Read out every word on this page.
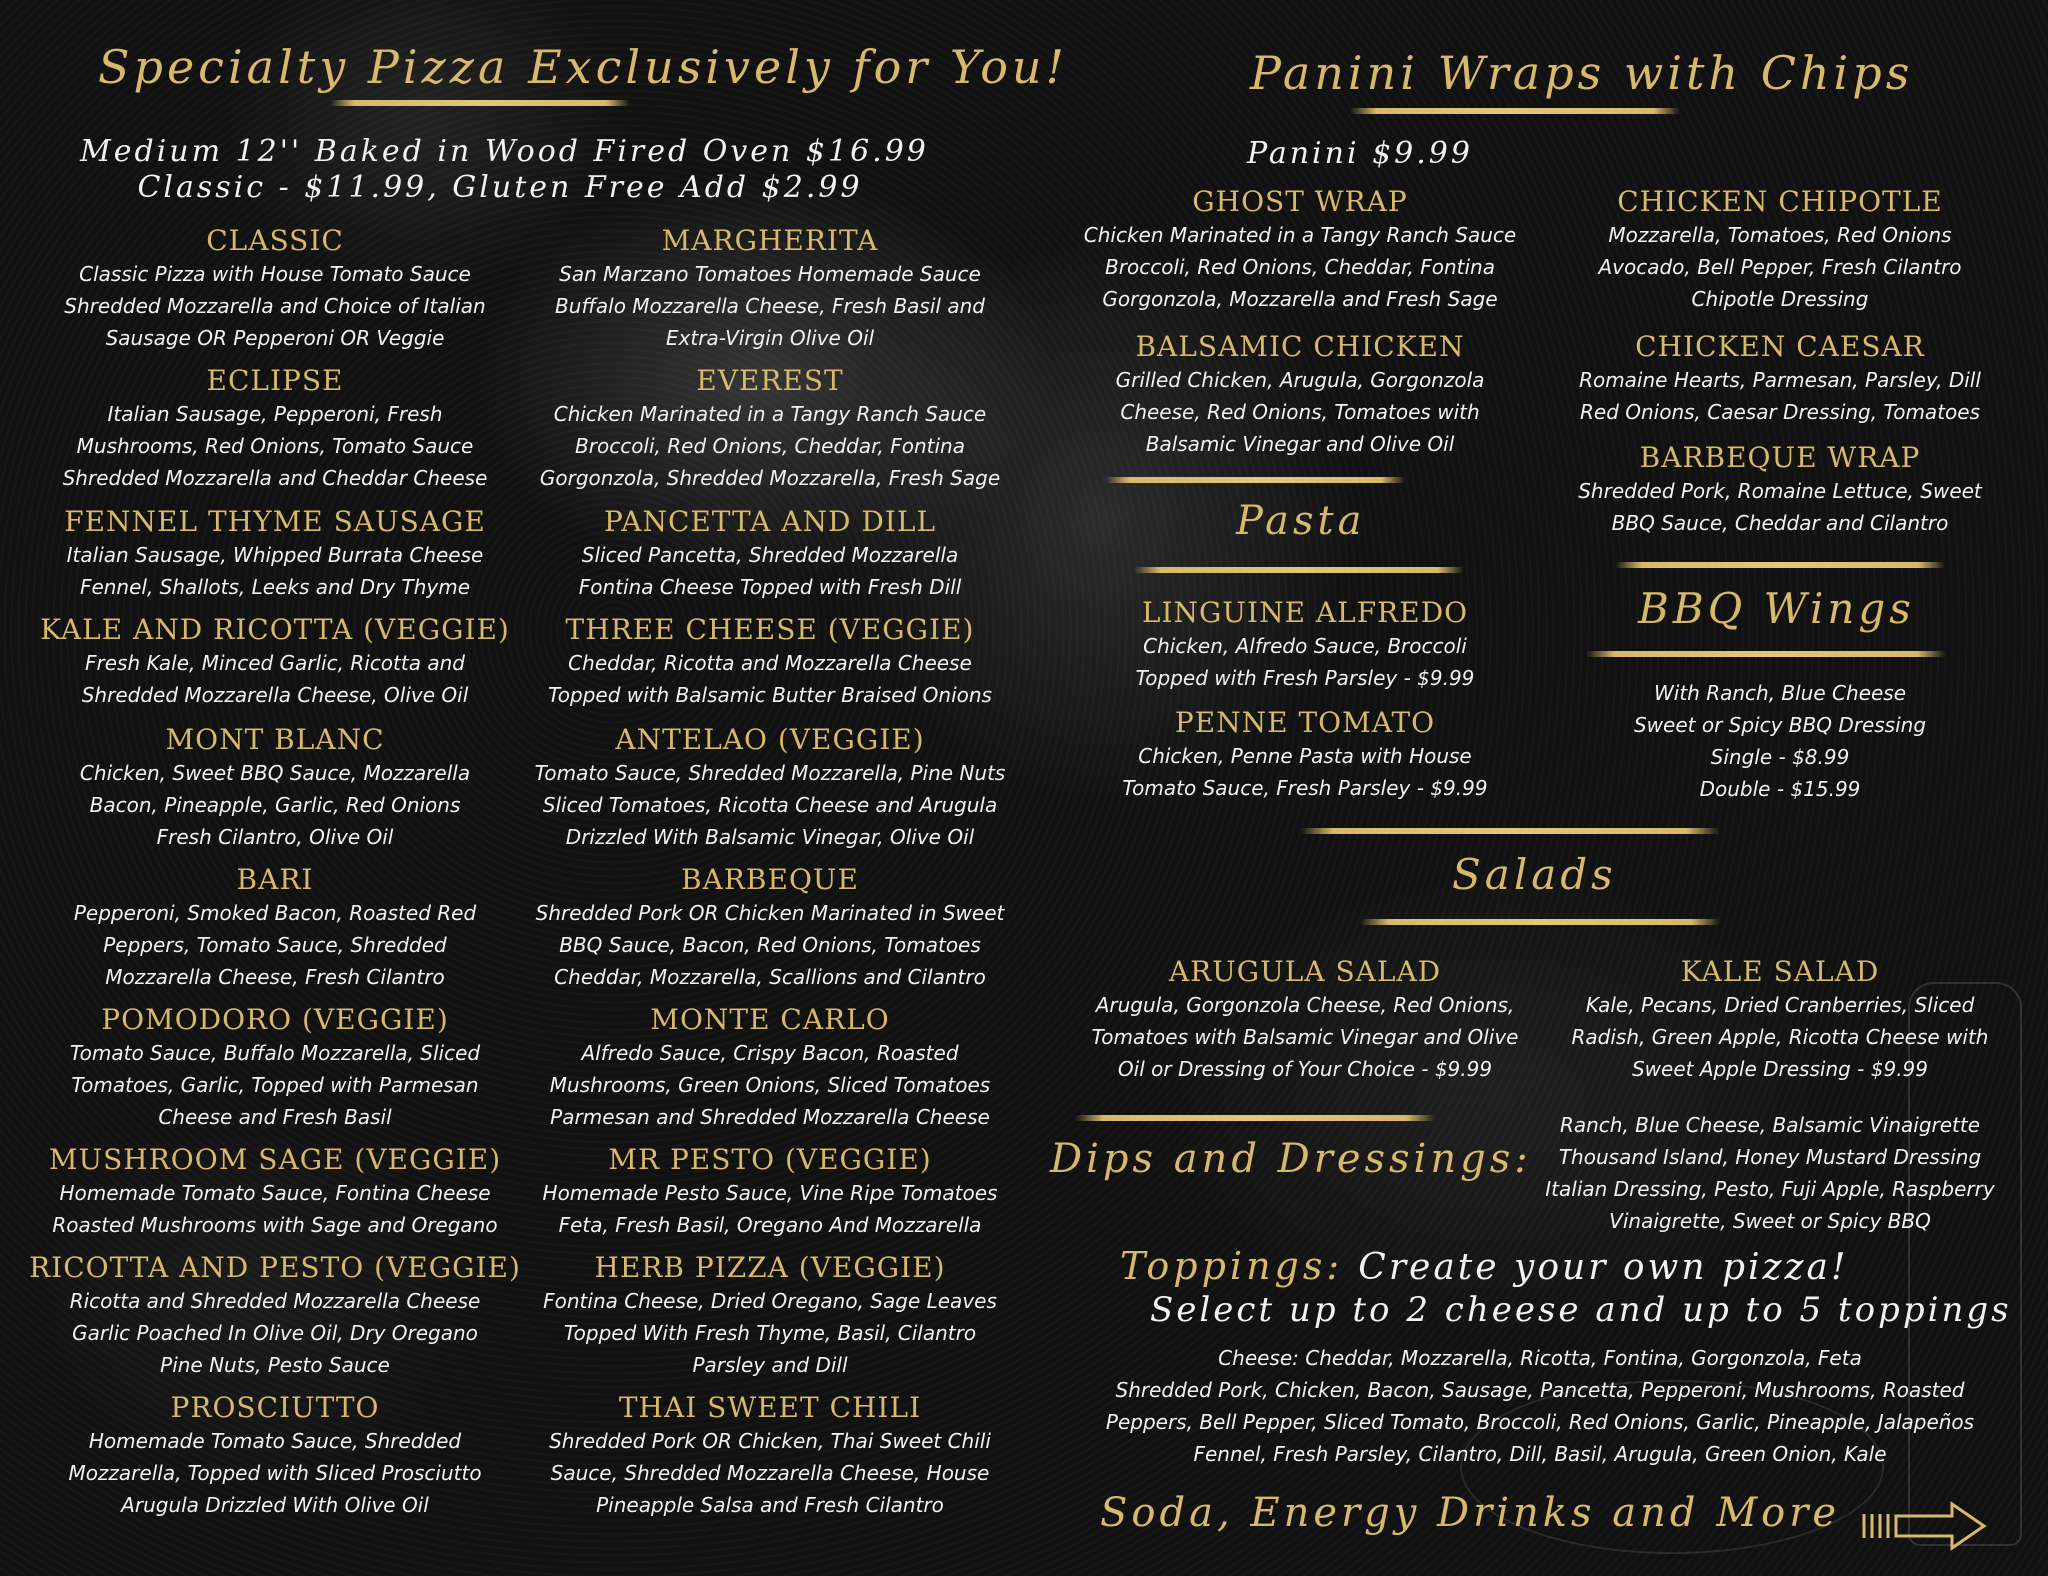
Specialty Pizza Exclusively for You!
Medium 12'' Baked in Wood Fired Oven $16.99
Classic - $11.99, Gluten Free Add $2.99
CLASSIC
Classic Pizza with House Tomato Sauce
Shredded Mozzarella and Choice of Italian
Sausage OR Pepperoni OR Veggie
ECLIPSE
Italian Sausage, Pepperoni, Fresh
Mushrooms, Red Onions, Tomato Sauce
Shredded Mozzarella and Cheddar Cheese
FENNEL THYME SAUSAGE
Italian Sausage, Whipped Burrata Cheese
Fennel, Shallots, Leeks and Dry Thyme
KALE AND RICOTTA (VEGGIE)
Fresh Kale, Minced Garlic, Ricotta and
Shredded Mozzarella Cheese, Olive Oil
MONT BLANC
Chicken, Sweet BBQ Sauce, Mozzarella
Bacon, Pineapple, Garlic, Red Onions
Fresh Cilantro, Olive Oil
BARI
Pepperoni, Smoked Bacon, Roasted Red
Peppers, Tomato Sauce, Shredded
Mozzarella Cheese, Fresh Cilantro
POMODORO (VEGGIE)
Tomato Sauce, Buffalo Mozzarella, Sliced
Tomatoes, Garlic, Topped with Parmesan
Cheese and Fresh Basil
MUSHROOM SAGE (VEGGIE)
Homemade Tomato Sauce, Fontina Cheese
Roasted Mushrooms with Sage and Oregano
RICOTTA AND PESTO (VEGGIE)
Ricotta and Shredded Mozzarella Cheese
Garlic Poached In Olive Oil, Dry Oregano
Pine Nuts, Pesto Sauce
PROSCIUTTO
Homemade Tomato Sauce, Shredded
Mozzarella, Topped with Sliced Prosciutto
Arugula Drizzled With Olive Oil
MARGHERITA
San Marzano Tomatoes Homemade Sauce
Buffalo Mozzarella Cheese, Fresh Basil and
Extra-Virgin Olive Oil
EVEREST
Chicken Marinated in a Tangy Ranch Sauce
Broccoli, Red Onions, Cheddar, Fontina
Gorgonzola, Shredded Mozzarella, Fresh Sage
PANCETTA AND DILL
Sliced Pancetta, Shredded Mozzarella
Fontina Cheese Topped with Fresh Dill
THREE CHEESE (VEGGIE)
Cheddar, Ricotta and Mozzarella Cheese
Topped with Balsamic Butter Braised Onions
ANTELAO (VEGGIE)
Tomato Sauce, Shredded Mozzarella, Pine Nuts
Sliced Tomatoes, Ricotta Cheese and Arugula
Drizzled With Balsamic Vinegar, Olive Oil
BARBEQUE
Shredded Pork OR Chicken Marinated in Sweet
BBQ Sauce, Bacon, Red Onions, Tomatoes
Cheddar, Mozzarella, Scallions and Cilantro
MONTE CARLO
Alfredo Sauce, Crispy Bacon, Roasted
Mushrooms, Green Onions, Sliced Tomatoes
Parmesan and Shredded Mozzarella Cheese
MR PESTO (VEGGIE)
Homemade Pesto Sauce, Vine Ripe Tomatoes
Feta, Fresh Basil, Oregano And Mozzarella
HERB PIZZA (VEGGIE)
Fontina Cheese, Dried Oregano, Sage Leaves
Topped With Fresh Thyme, Basil, Cilantro
Parsley and Dill
THAI SWEET CHILI
Shredded Pork OR Chicken, Thai Sweet Chili
Sauce, Shredded Mozzarella Cheese, House
Pineapple Salsa and Fresh Cilantro
Panini Wraps with Chips
Panini $9.99
GHOST WRAP
Chicken Marinated in a Tangy Ranch Sauce
Broccoli, Red Onions, Cheddar, Fontina
Gorgonzola, Mozzarella and Fresh Sage
CHICKEN CHIPOTLE
Mozzarella, Tomatoes, Red Onions
Avocado, Bell Pepper, Fresh Cilantro
Chipotle Dressing
BALSAMIC CHICKEN
Grilled Chicken, Arugula, Gorgonzola
Cheese, Red Onions, Tomatoes with
Balsamic Vinegar and Olive Oil
CHICKEN CAESAR
Romaine Hearts, Parmesan, Parsley, Dill
Red Onions, Caesar Dressing, Tomatoes
BARBEQUE WRAP
Shredded Pork, Romaine Lettuce, Sweet
BBQ Sauce, Cheddar and Cilantro
Pasta
LINGUINE ALFREDO
Chicken, Alfredo Sauce, Broccoli
Topped with Fresh Parsley - $9.99
PENNE TOMATO
Chicken, Penne Pasta with House
Tomato Sauce, Fresh Parsley - $9.99
BBQ Wings
With Ranch, Blue Cheese
Sweet or Spicy BBQ Dressing
Single - $8.99
Double - $15.99
Salads
ARUGULA SALAD
Arugula, Gorgonzola Cheese, Red Onions,
Tomatoes with Balsamic Vinegar and Olive
Oil or Dressing of Your Choice - $9.99
KALE SALAD
Kale, Pecans, Dried Cranberries, Sliced
Radish, Green Apple, Ricotta Cheese with
Sweet Apple Dressing - $9.99
Dips and Dressings:
Ranch, Blue Cheese, Balsamic Vinaigrette
Thousand Island, Honey Mustard Dressing
Italian Dressing, Pesto, Fuji Apple, Raspberry
Vinaigrette, Sweet or Spicy BBQ
Toppings: Create your own pizza!
Select up to 2 cheese and up to 5 toppings
Cheese: Cheddar, Mozzarella, Ricotta, Fontina, Gorgonzola, Feta
Shredded Pork, Chicken, Bacon, Sausage, Pancetta, Pepperoni, Mushrooms, Roasted
Peppers, Bell Pepper, Sliced Tomato, Broccoli, Red Onions, Garlic, Pineapple, Jalapeños
Fennel, Fresh Parsley, Cilantro, Dill, Basil, Arugula, Green Onion, Kale
Soda, Energy Drinks and More
